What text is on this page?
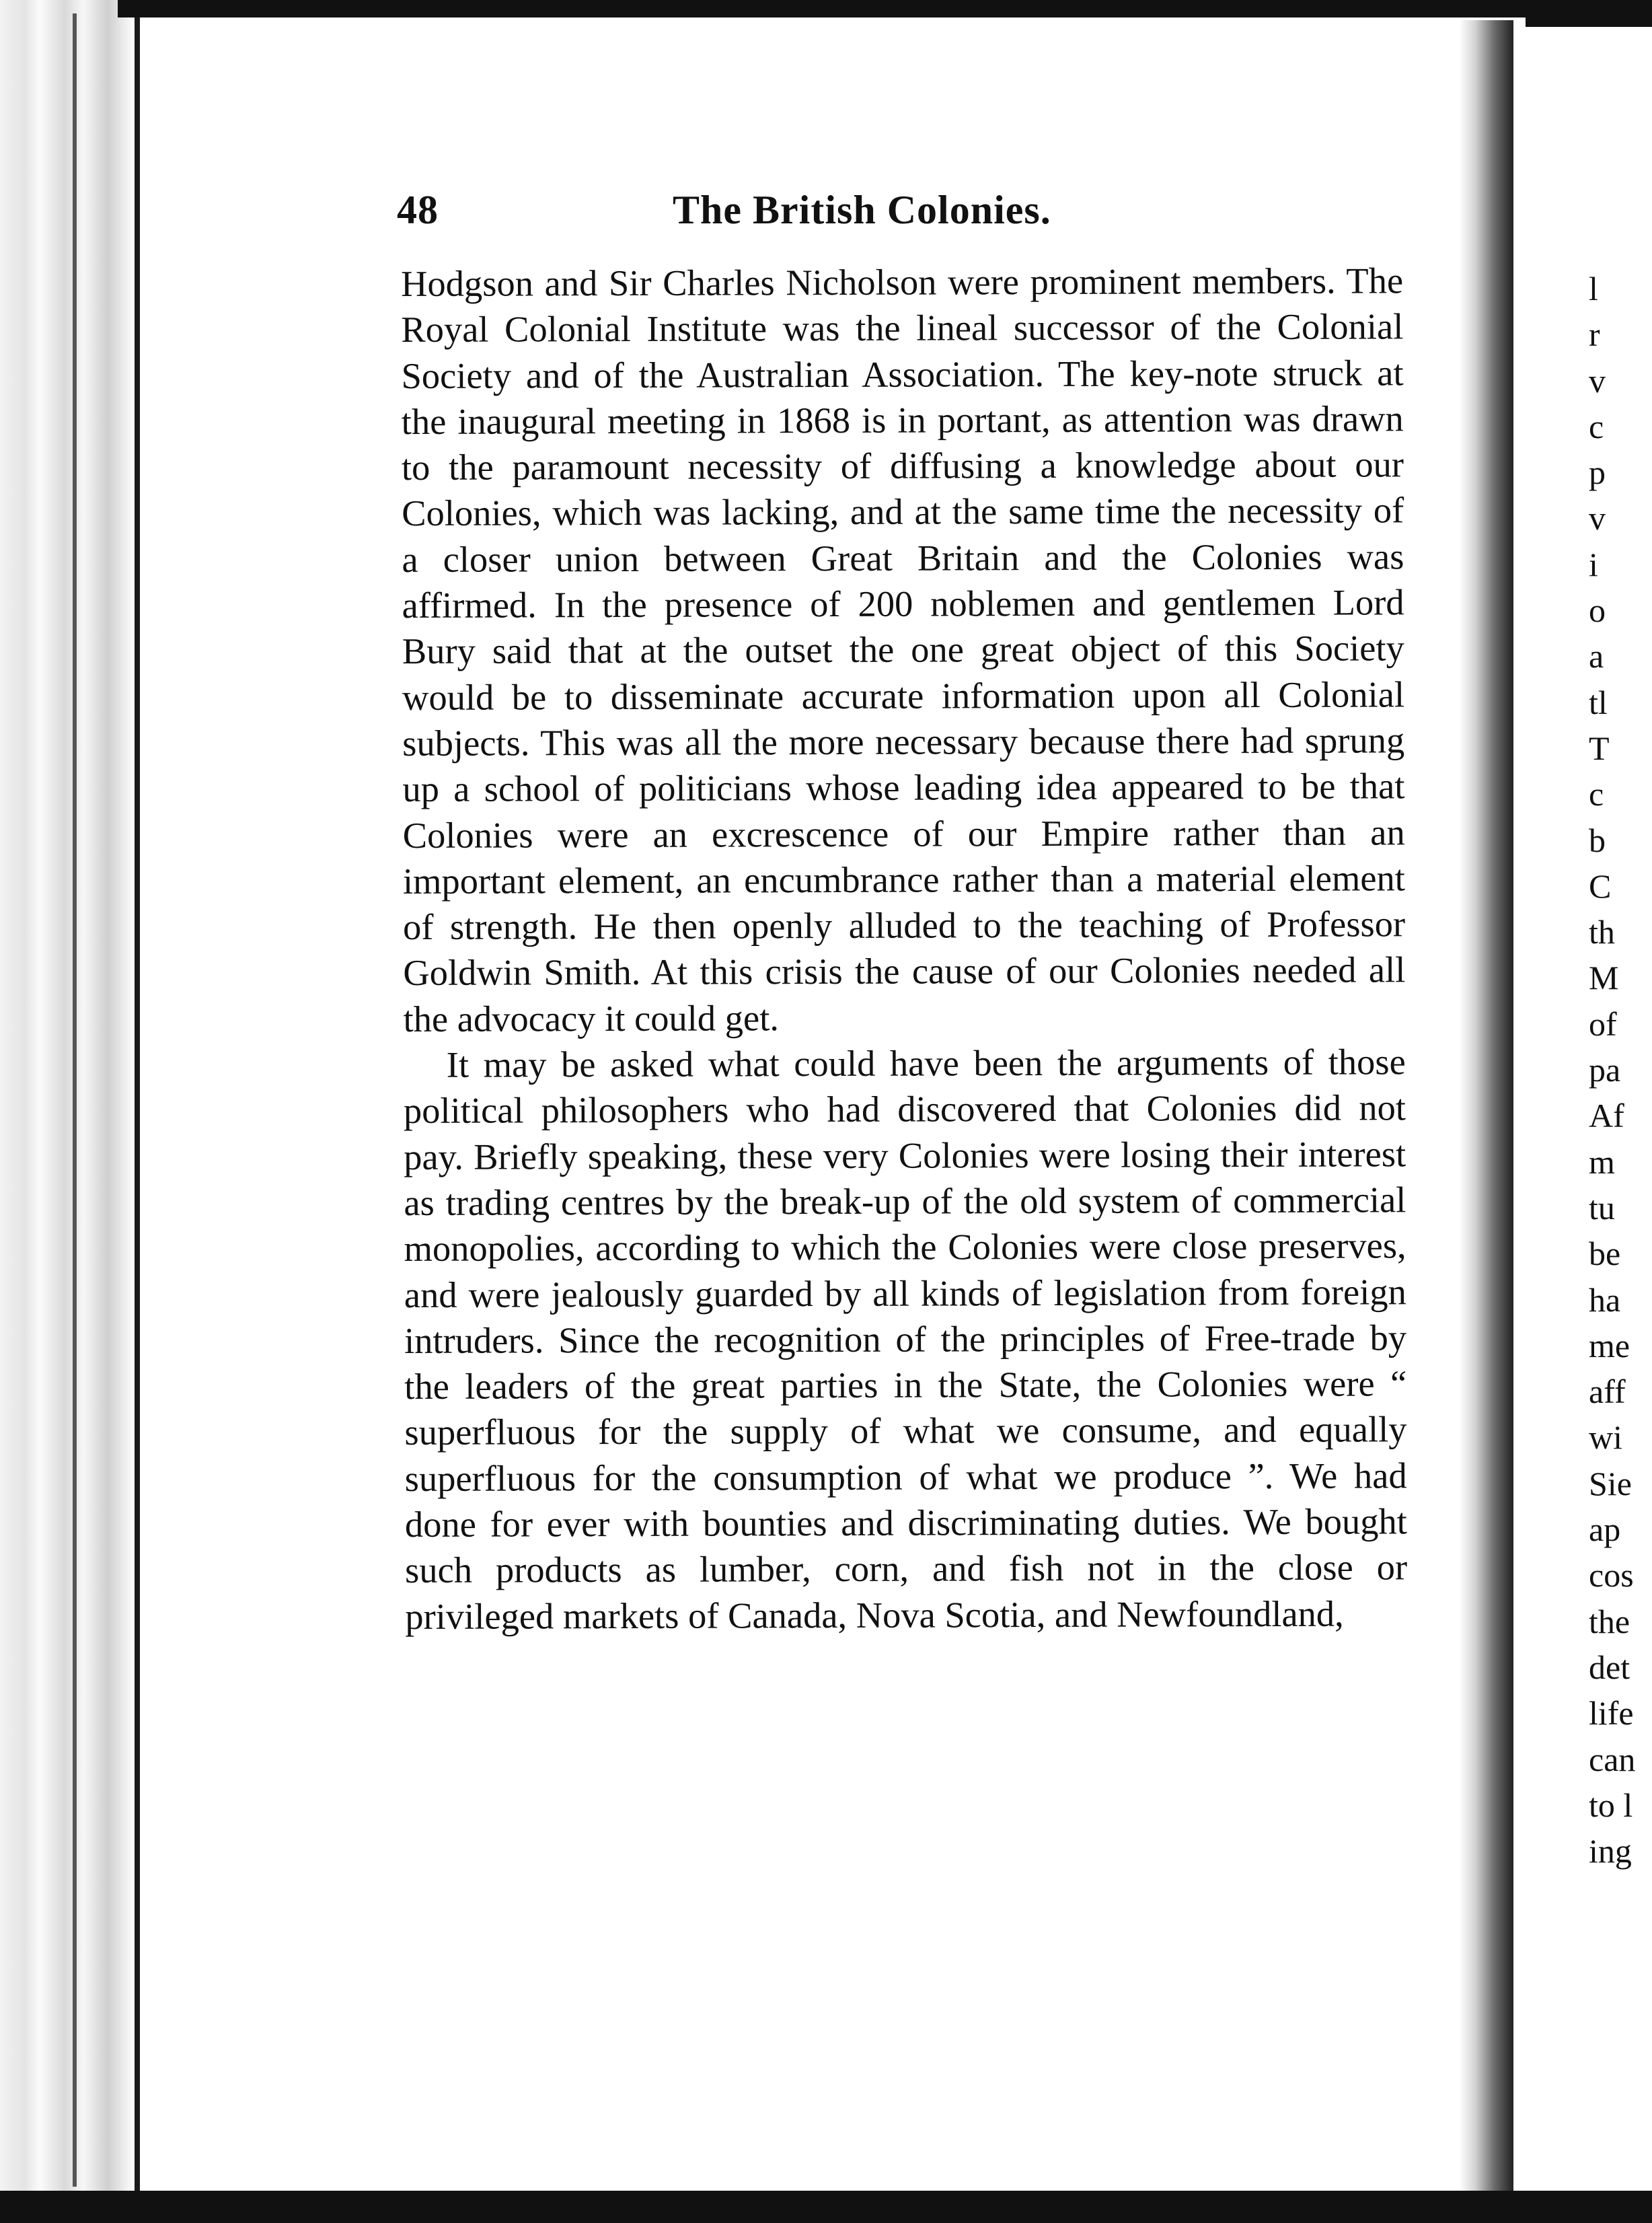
48	The British Colonies.

Hodgson and Sir Charles Nicholson were prominent members. The Royal Colonial Institute was the lineal successor of the Colonial Society and of the Australian Association. The key-note struck at the inaugural meeting in 1868 is in portant, as attention was drawn to the paramount necessity of diffusing a knowledge about our Colonies, which was lacking, and at the same time the necessity of a closer union between Great Britain and the Colonies was affirmed. In the presence of 200 noblemen and gentlemen Lord Bury said that at the outset the one great object of this Society would be to disseminate accurate information upon all Colonial subjects. This was all the more necessary because there had sprung up a school of politicians whose leading idea appeared to be that Colonies were an excrescence of our Empire rather than an important element, an encumbrance rather than a material element of strength. He then openly alluded to the teaching of Professor Goldwin Smith. At this crisis the cause of our Colonies needed all the advocacy it could get.

It may be asked what could have been the arguments of those political philosophers who had discovered that Colonies did not pay. Briefly speaking, these very Colonies were losing their interest as trading centres by the break-up of the old system of commercial monopolies, according to which the Colonies were close preserves, and were jealously guarded by all kinds of legislation from foreign intruders. Since the recognition of the principles of Free-trade by the leaders of the great parties in the State, the Colonies were “ superfluous for the supply of what we consume, and equally superfluous for the consumption of what we produce ”. We had done for ever with bounties and discriminating duties. We bought such products as lumber, corn, and fish not in the close or privileged markets of Canada, Nova Scotia, and Newfoundland,

l
r
v
c
p
v
i
o
a
tl
T
c
b
C
th
M
of
pa
Af
m
tu
be
ha
me
aff
wi
Sie
ap
cos
the
det
life
can
to l
ing
